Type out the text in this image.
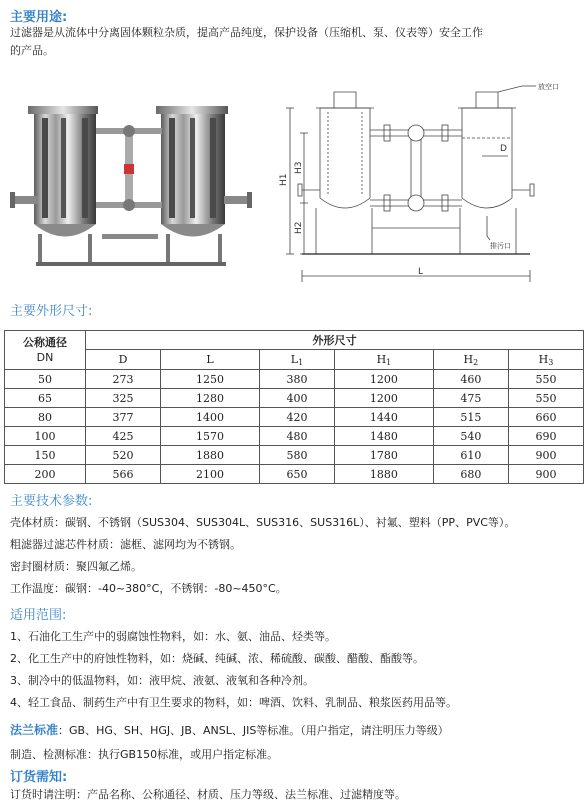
主要用途:
过滤器是从流体中分离固体颗粒杂质，提高产品纯度，保护设备（压缩机、泵、仪表等）安全工作
的产品。
D
L
H1
H3
H2
放空口
排污口
主要外形尺寸:
公称通径
DN	外形尺寸					
	D	L	$L_1$	$H_1$	$H_2$	$H_3$
50	273	1250	380	1200	460	550
65	325	1280	400	1200	475	550
80	377	1400	420	1440	515	660
100	425	1570	480	1480	540	690
150	520	1880	580	1780	610	900
200	566	2100	650	1880	680	900
主要技术参数:
壳体材质：碳钢、不锈钢（SUS304、SUS304L、SUS316、SUS316L）、衬氟、塑料（PP、PVC等）。
粗滤器过滤芯件材质：滤框、滤网均为不锈钢。
密封圈材质：聚四氟乙烯。
工作温度：碳钢：-40~380°C，不锈钢：-80~450°C。
适用范围:
1、石油化工生产中的弱腐蚀性物料，如：水、氨、油品、烃类等。
2、化工生产中的府蚀性物料，如：烧碱、纯碱、浓、稀硫酸、碳酸、醋酸、酯酸等。
3、制冷中的低温物料，如：液甲烷、液氨、液氧和各种冷剂。
4、轻工食品、制药生产中有卫生要求的物料，如：啤酒、饮料、乳制品、粮浆医药用品等。
法兰标准：GB、HG、SH、HGJ、JB、ANSL、JIS等标准。（用户指定，请注明压力等级）
制造、检测标准：执行GB150标准，或用户指定标准。
订货需知:
订货时请注明：产品名称、公称通径、材质、压力等级、法兰标准、过滤精度等。
